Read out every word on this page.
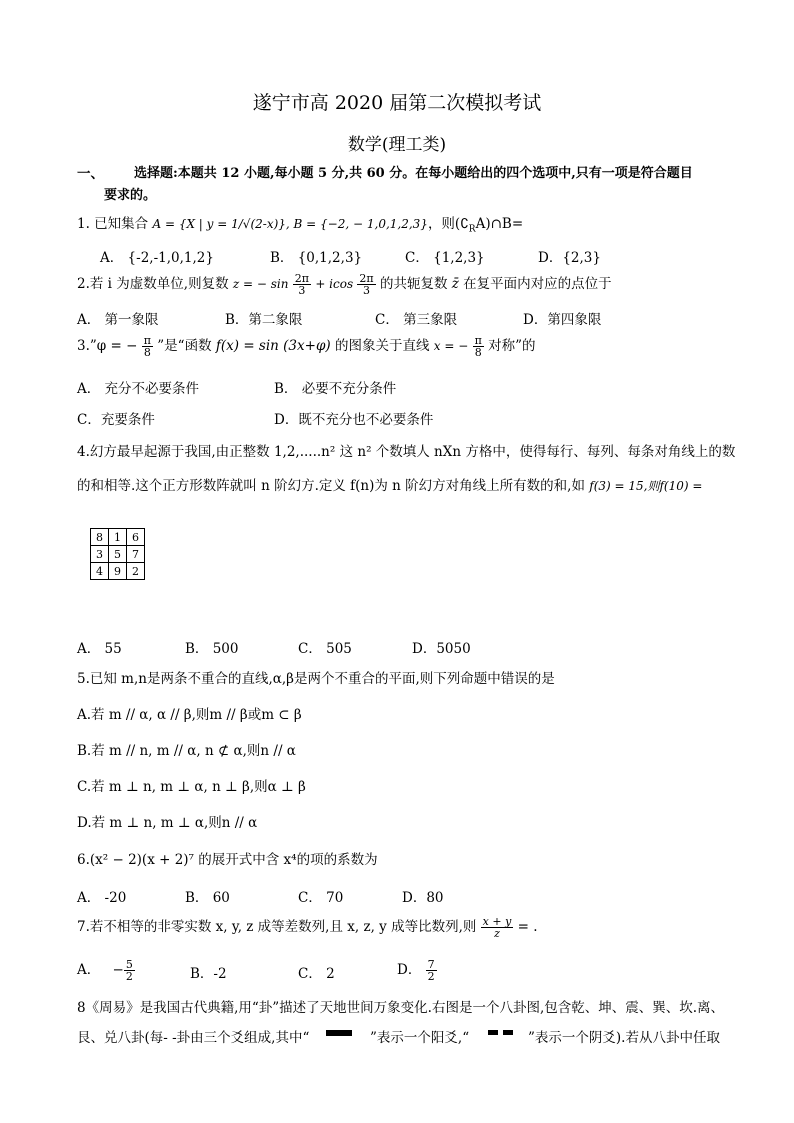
遂宁市高 2020 届第二次模拟考试
数学(理工类)
一、 选择题:本题共 12 小题,每小题 5 分,共 60 分。在每小题给出的四个选项中,只有一项是符合题目
要求的。
1. 已知集合 A = {X | y = 1/√(2-x)}, B = {−2, − 1,0,1,2,3}，则$(∁_RA)\cap B=$
A． {-2,-1,0,1,2}	B． {0,1,2,3}	C． {1,2,3}	D．{2,3}
2.若 i 为虚数单位,则复数 z = − $\sin \frac{2\pi}{3} + icos \frac{2\pi}{3}$ 的共轭复数 z̄ 在复平面内对应的点位于
A． 第一象限	B．第二象限	C． 第三象限	D．第四象限
3.”φ = − $\frac{\pi}{8}$ ”是“函数 f(x) = sin (3x+φ) 的图象关于直线 x = − $\frac{\pi}{8}$ 对称”的
A． 充分不必要条件	B． 必要不充分条件
C．充要条件	D．既不充分也不必要条件
4.幻方最早起源于我国,由正整数 1,2,.....n² 这 n² 个数填人 nXn 方格中，使得每行、每列、每条对角线上的数
的和相等.这个正方形数阵就叫 n 阶幻方.定义 f(n)为 n 阶幻方对角线上所有数的和,如 f(3) = 15,则f(10) =
8	1	6
3	5	7
4	9	2
A． 55	B． 500	C． 505	D．5050
5.已知 m,n是两条不重合的直线,α,β是两个不重合的平面,则下列命题中错误的是
A.若 m // α, α // β,则m // β或m ⊂ β
B.若 m // n, m // α, n ⊄ α,则n // α
C.若 m ⊥ n, m ⊥ α, n ⊥ β,则α ⊥ β
D.若 m ⊥ n, m ⊥ α,则n // α
6.(x² − 2)(x + 2)⁷ 的展开式中含 x⁴的项的系数为
A． -20	B． 60	C． 70	D．80
7.若不相等的非零实数 x, y, z 成等差数列,且 x, z, y 成等比数列,则 $\frac{x + y}{z}$ = .
A． − $\frac{5}{2}$	B．-2	C． 2	D． $\frac{7}{2}$
8《周易》是我国古代典籍,用“卦”描述了天地世间万象变化.右图是一个八卦图,包含乾、坤、震、巽、坎.离、
艮、兑八卦(每- -卦由三个爻组成,其中“	”表示一个阳爻,“	”表示一个阴爻).若从八卦中任取
